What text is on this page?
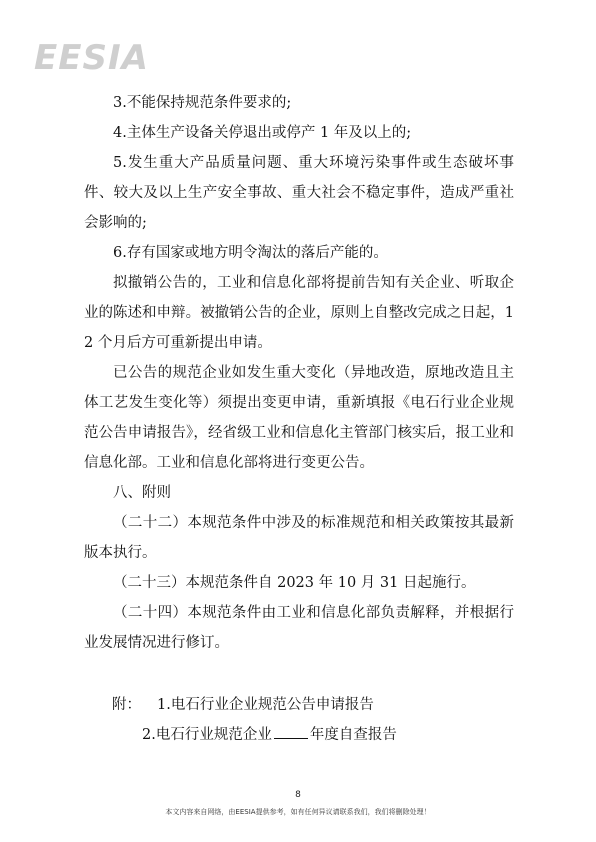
EESIA

3.不能保持规范条件要求的;

4.主体生产设备关停退出或停产 1 年及以上的;

5.发生重大产品质量问题、重大环境污染事件或生态破坏事件、较大及以上生产安全事故、重大社会不稳定事件，造成严重社会影响的;

6.存有国家或地方明令淘汰的落后产能的。

拟撤销公告的，工业和信息化部将提前告知有关企业、听取企业的陈述和申辩。被撤销公告的企业，原则上自整改完成之日起，12 个月后方可重新提出申请。

已公告的规范企业如发生重大变化（异地改造，原地改造且主体工艺发生变化等）须提出变更申请，重新填报《电石行业企业规范公告申请报告》，经省级工业和信息化主管部门核实后，报工业和信息化部。工业和信息化部将进行变更公告。

八、附则

（二十二）本规范条件中涉及的标准规范和相关政策按其最新版本执行。

（二十三）本规范条件自 2023 年 10 月 31 日起施行。

（二十四）本规范条件由工业和信息化部负责解释，并根据行业发展情况进行修订。

附： 1.电石行业企业规范公告申请报告
2.电石行业规范企业	年度自查报告
8
本文内容来自网络，由EESIA提供参考，如有任何异议请联系我们，我们将删除处理！
